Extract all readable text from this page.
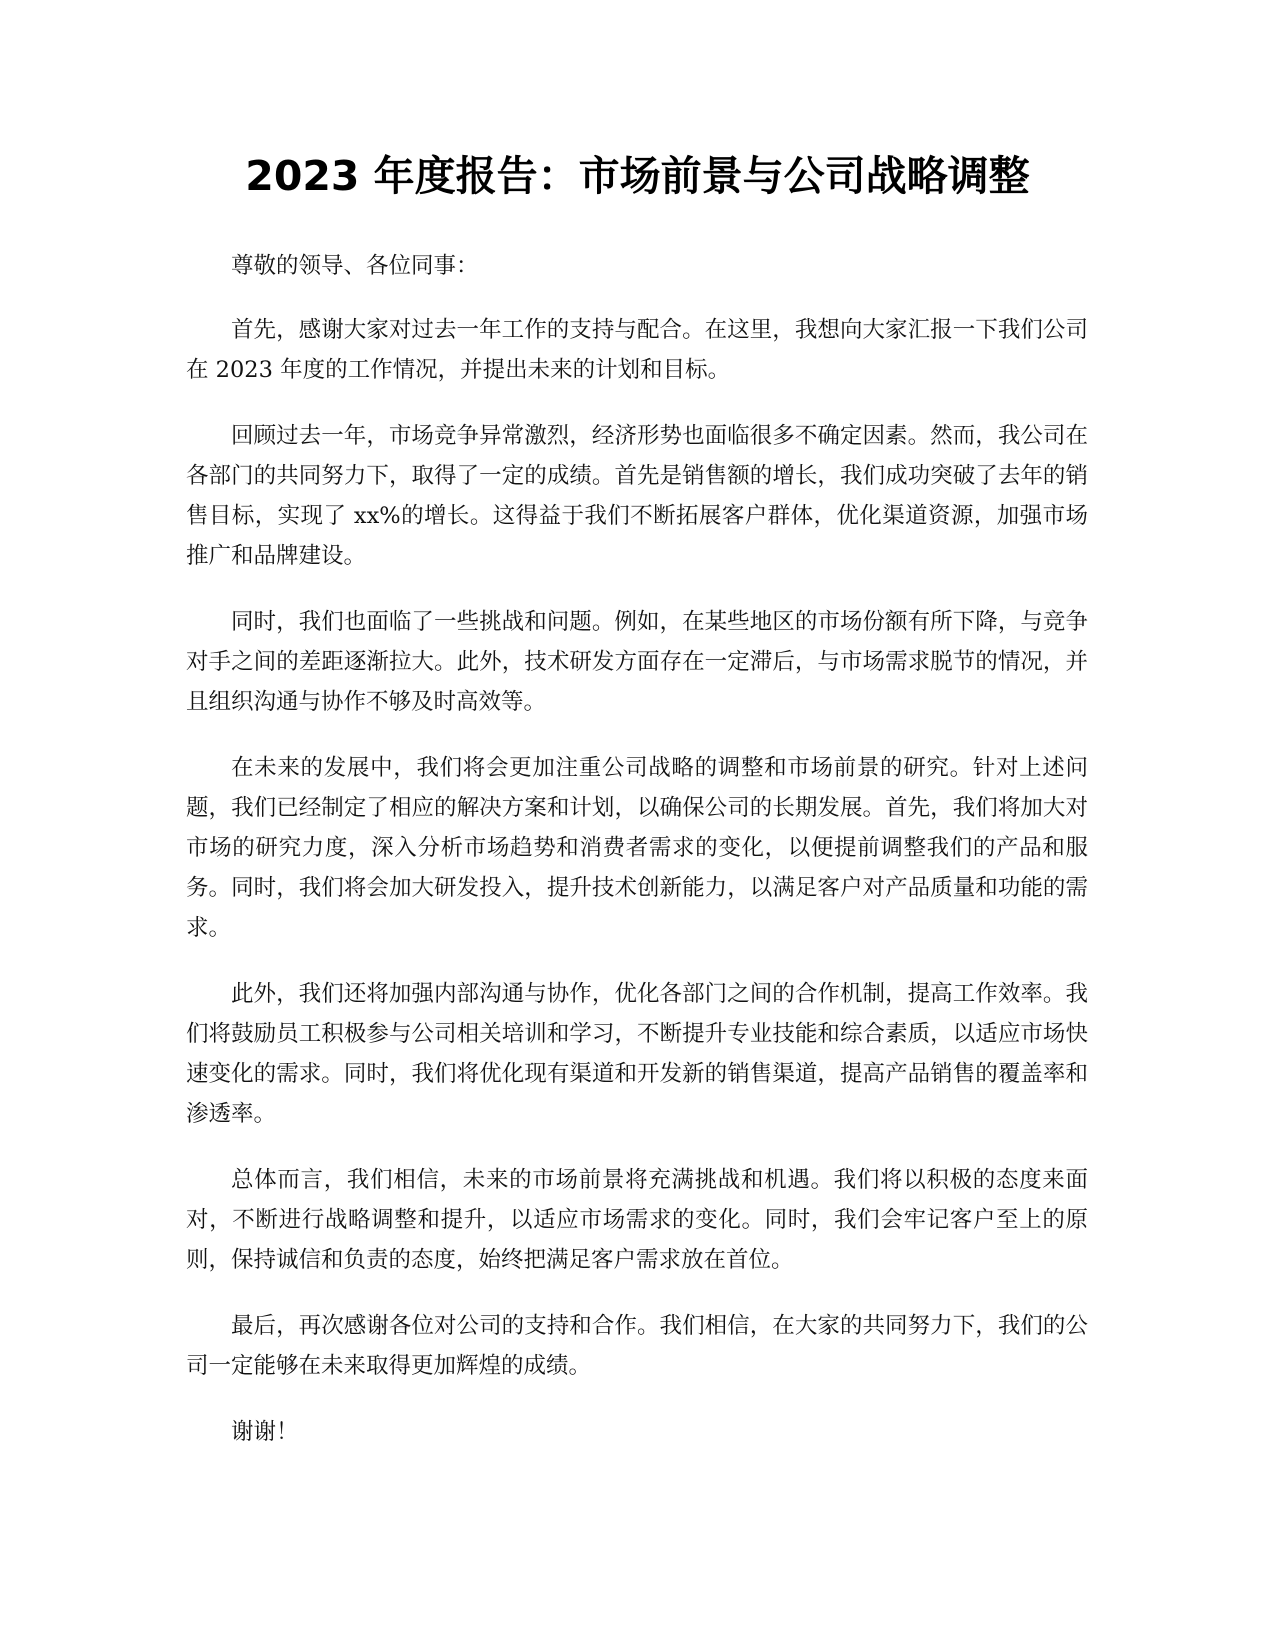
2023 年度报告：市场前景与公司战略调整

尊敬的领导、各位同事：

首先，感谢大家对过去一年工作的支持与配合。在这里，我想向大家汇报一下我们公司在 2023 年度的工作情况，并提出未来的计划和目标。

回顾过去一年，市场竞争异常激烈，经济形势也面临很多不确定因素。然而，我公司在各部门的共同努力下，取得了一定的成绩。首先是销售额的增长，我们成功突破了去年的销售目标，实现了 xx%的增长。这得益于我们不断拓展客户群体，优化渠道资源，加强市场推广和品牌建设。

同时，我们也面临了一些挑战和问题。例如，在某些地区的市场份额有所下降，与竞争对手之间的差距逐渐拉大。此外，技术研发方面存在一定滞后，与市场需求脱节的情况，并且组织沟通与协作不够及时高效等。

在未来的发展中，我们将会更加注重公司战略的调整和市场前景的研究。针对上述问题，我们已经制定了相应的解决方案和计划，以确保公司的长期发展。首先，我们将加大对市场的研究力度，深入分析市场趋势和消费者需求的变化，以便提前调整我们的产品和服务。同时，我们将会加大研发投入，提升技术创新能力，以满足客户对产品质量和功能的需求。

此外，我们还将加强内部沟通与协作，优化各部门之间的合作机制，提高工作效率。我们将鼓励员工积极参与公司相关培训和学习，不断提升专业技能和综合素质，以适应市场快速变化的需求。同时，我们将优化现有渠道和开发新的销售渠道，提高产品销售的覆盖率和渗透率。

总体而言，我们相信，未来的市场前景将充满挑战和机遇。我们将以积极的态度来面对，不断进行战略调整和提升，以适应市场需求的变化。同时，我们会牢记客户至上的原则，保持诚信和负责的态度，始终把满足客户需求放在首位。

最后，再次感谢各位对公司的支持和合作。我们相信，在大家的共同努力下，我们的公司一定能够在未来取得更加辉煌的成绩。

谢谢！
